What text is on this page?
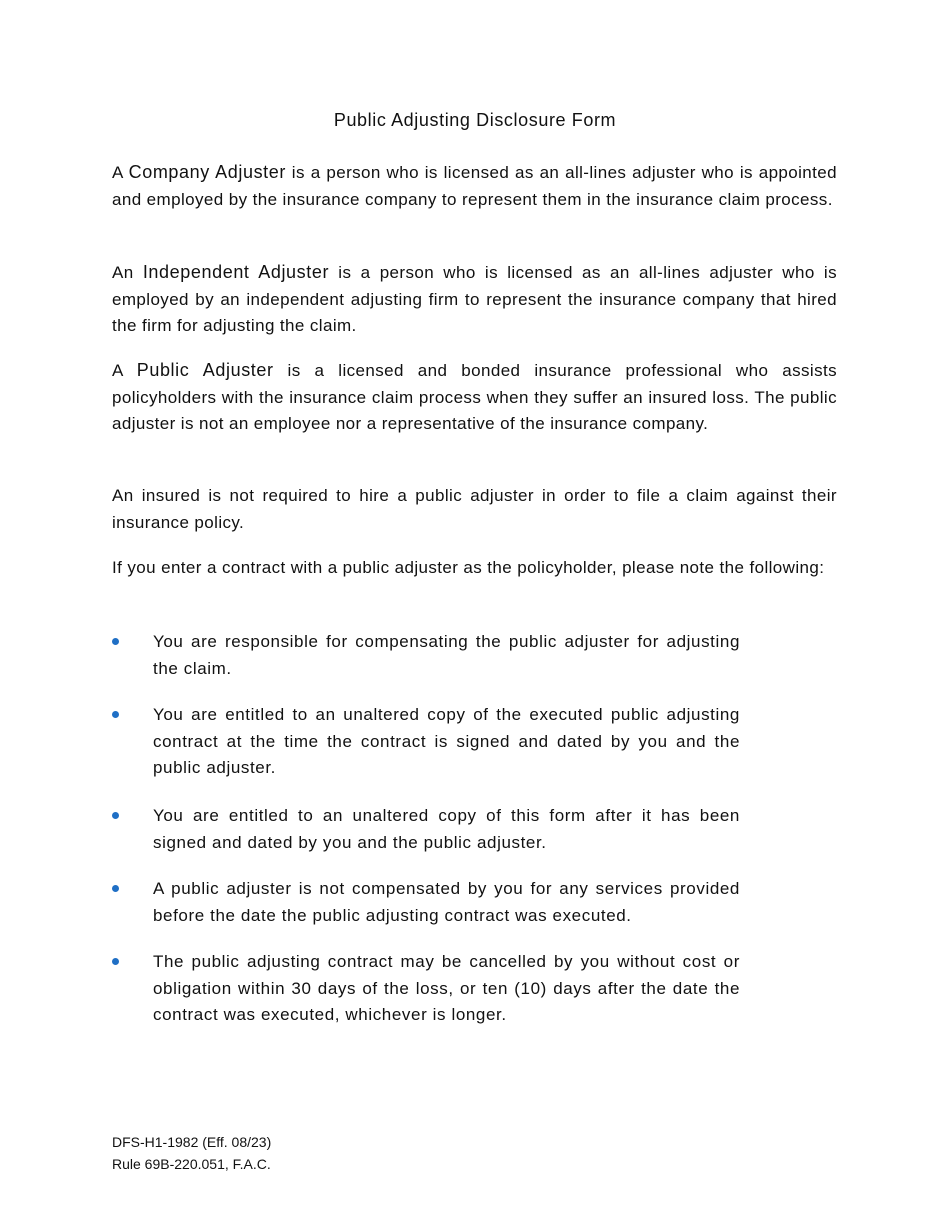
Public Adjusting Disclosure Form

A Company Adjuster is a person who is licensed as an all-lines adjuster who is appointed and employed by the insurance company to represent them in the insurance claim process.

An Independent Adjuster is a person who is licensed as an all-lines adjuster who is employed by an independent adjusting firm to represent the insurance company that hired the firm for adjusting the claim.

A Public Adjuster is a licensed and bonded insurance professional who assists policyholders with the insurance claim process when they suffer an insured loss. The public adjuster is not an employee nor a representative of the insurance company.

An insured is not required to hire a public adjuster in order to file a claim against their insurance policy.

If you enter a contract with a public adjuster as the policyholder, please note the following:

You are responsible for compensating the public adjuster for adjusting the claim.
You are entitled to an unaltered copy of the executed public adjusting contract at the time the contract is signed and dated by you and the public adjuster.
You are entitled to an unaltered copy of this form after it has been signed and dated by you and the public adjuster.
A public adjuster is not compensated by you for any services provided before the date the public adjusting contract was executed.
The public adjusting contract may be cancelled by you without cost or obligation within 30 days of the loss, or ten (10) days after the date the contract was executed, whichever is longer.
DFS-H1-1982 (Eff. 08/23)
Rule 69B-220.051, F.A.C.
